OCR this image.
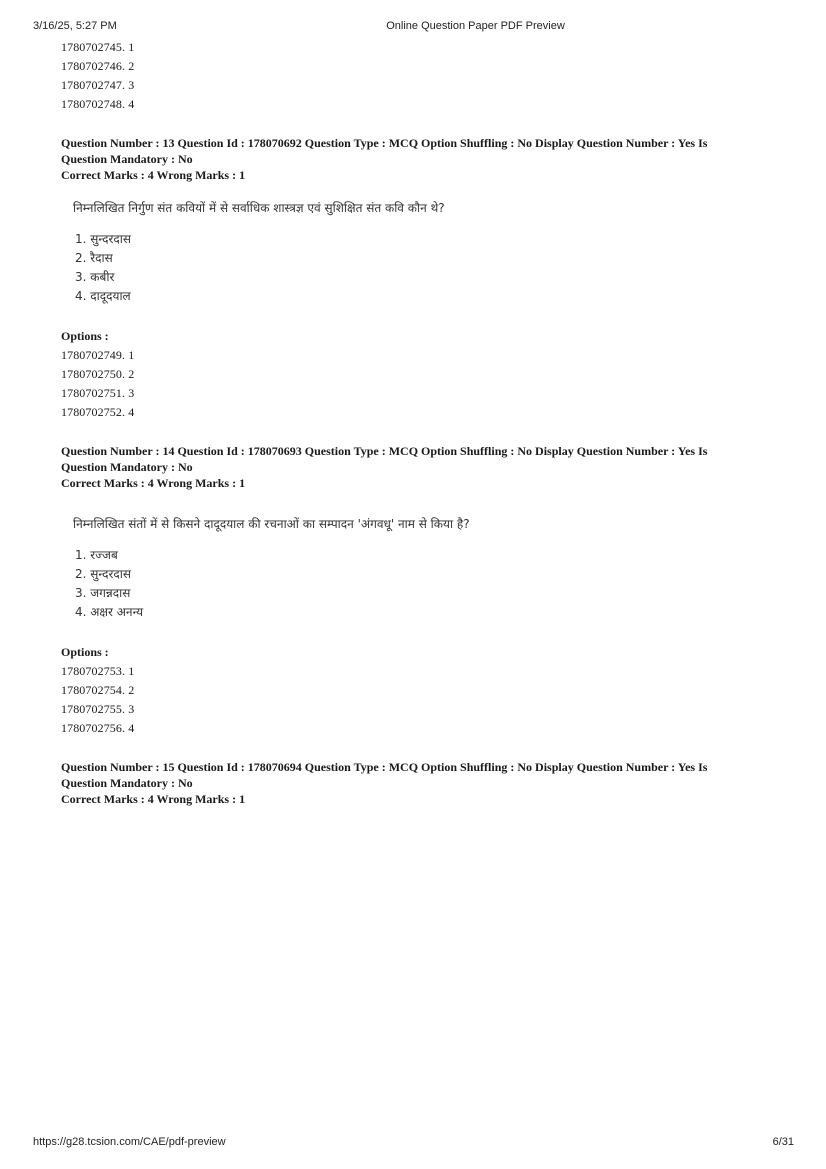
3/16/25, 5:27 PM	Online Question Paper PDF Preview
1780702745. 1
1780702746. 2
1780702747. 3
1780702748. 4
Question Number : 13 Question Id : 178070692 Question Type : MCQ Option Shuffling : No Display Question Number : Yes Is
Question Mandatory : No
Correct Marks : 4 Wrong Marks : 1
निम्नलिखित निर्गुण संत कवियों में से सर्वाधिक शास्त्रज्ञ एवं सुशिक्षित संत कवि कौन थे?
1. सुन्दरदास
2. रैदास
3. कबीर
4. दादूदयाल
Options :
1780702749. 1
1780702750. 2
1780702751. 3
1780702752. 4
Question Number : 14 Question Id : 178070693 Question Type : MCQ Option Shuffling : No Display Question Number : Yes Is
Question Mandatory : No
Correct Marks : 4 Wrong Marks : 1
निम्नलिखित संतों में से किसने दादूदयाल की रचनाओं का सम्पादन 'अंगवधू' नाम से किया है?
1. रज्जब
2. सुन्दरदास
3. जगन्नदास
4. अक्षर अनन्य
Options :
1780702753. 1
1780702754. 2
1780702755. 3
1780702756. 4
Question Number : 15 Question Id : 178070694 Question Type : MCQ Option Shuffling : No Display Question Number : Yes Is
Question Mandatory : No
Correct Marks : 4 Wrong Marks : 1
https://g28.tcsion.com/CAE/pdf-preview	6/31
